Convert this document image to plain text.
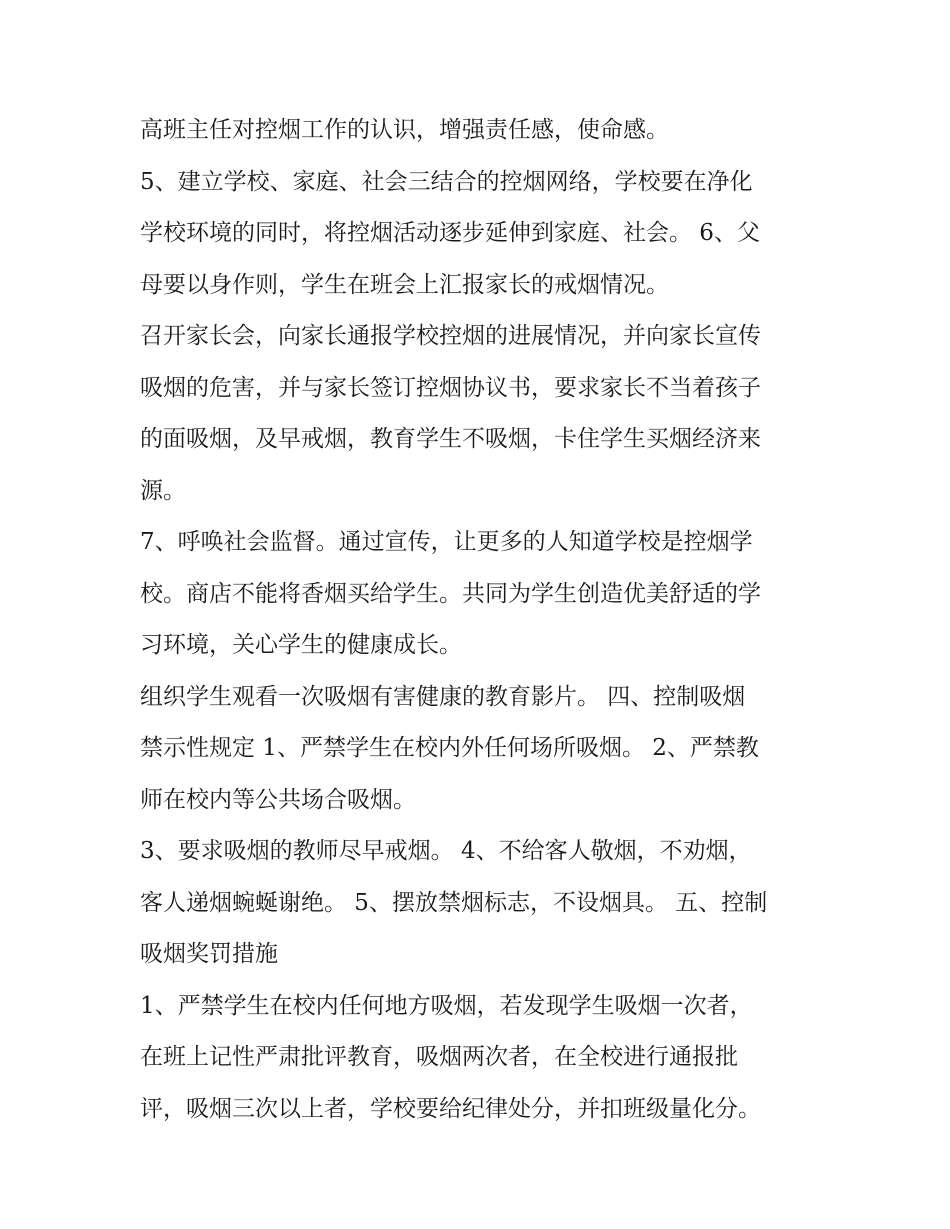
高班主任对控烟工作的认识，增强责任感，使命感。
5、建立学校、家庭、社会三结合的控烟网络，学校要在净化
学校环境的同时，将控烟活动逐步延伸到家庭、社会。 6、父
母要以身作则，学生在班会上汇报家长的戒烟情况。
召开家长会，向家长通报学校控烟的进展情况，并向家长宣传
吸烟的危害，并与家长签订控烟协议书，要求家长不当着孩子
的面吸烟，及早戒烟，教育学生不吸烟，卡住学生买烟经济来
源。
7、呼唤社会监督。通过宣传，让更多的人知道学校是控烟学
校。商店不能将香烟买给学生。共同为学生创造优美舒适的学
习环境，关心学生的健康成长。
组织学生观看一次吸烟有害健康的教育影片。 四、控制吸烟
禁示性规定 1、严禁学生在校内外任何场所吸烟。 2、严禁教
师在校内等公共场合吸烟。
3、要求吸烟的教师尽早戒烟。 4、不给客人敬烟，不劝烟，
客人递烟蜿蜒谢绝。 5、摆放禁烟标志，不设烟具。 五、控制
吸烟奖罚措施
1、严禁学生在校内任何地方吸烟，若发现学生吸烟一次者，
在班上记性严肃批评教育，吸烟两次者，在全校进行通报批
评，吸烟三次以上者，学校要给纪律处分，并扣班级量化分。
